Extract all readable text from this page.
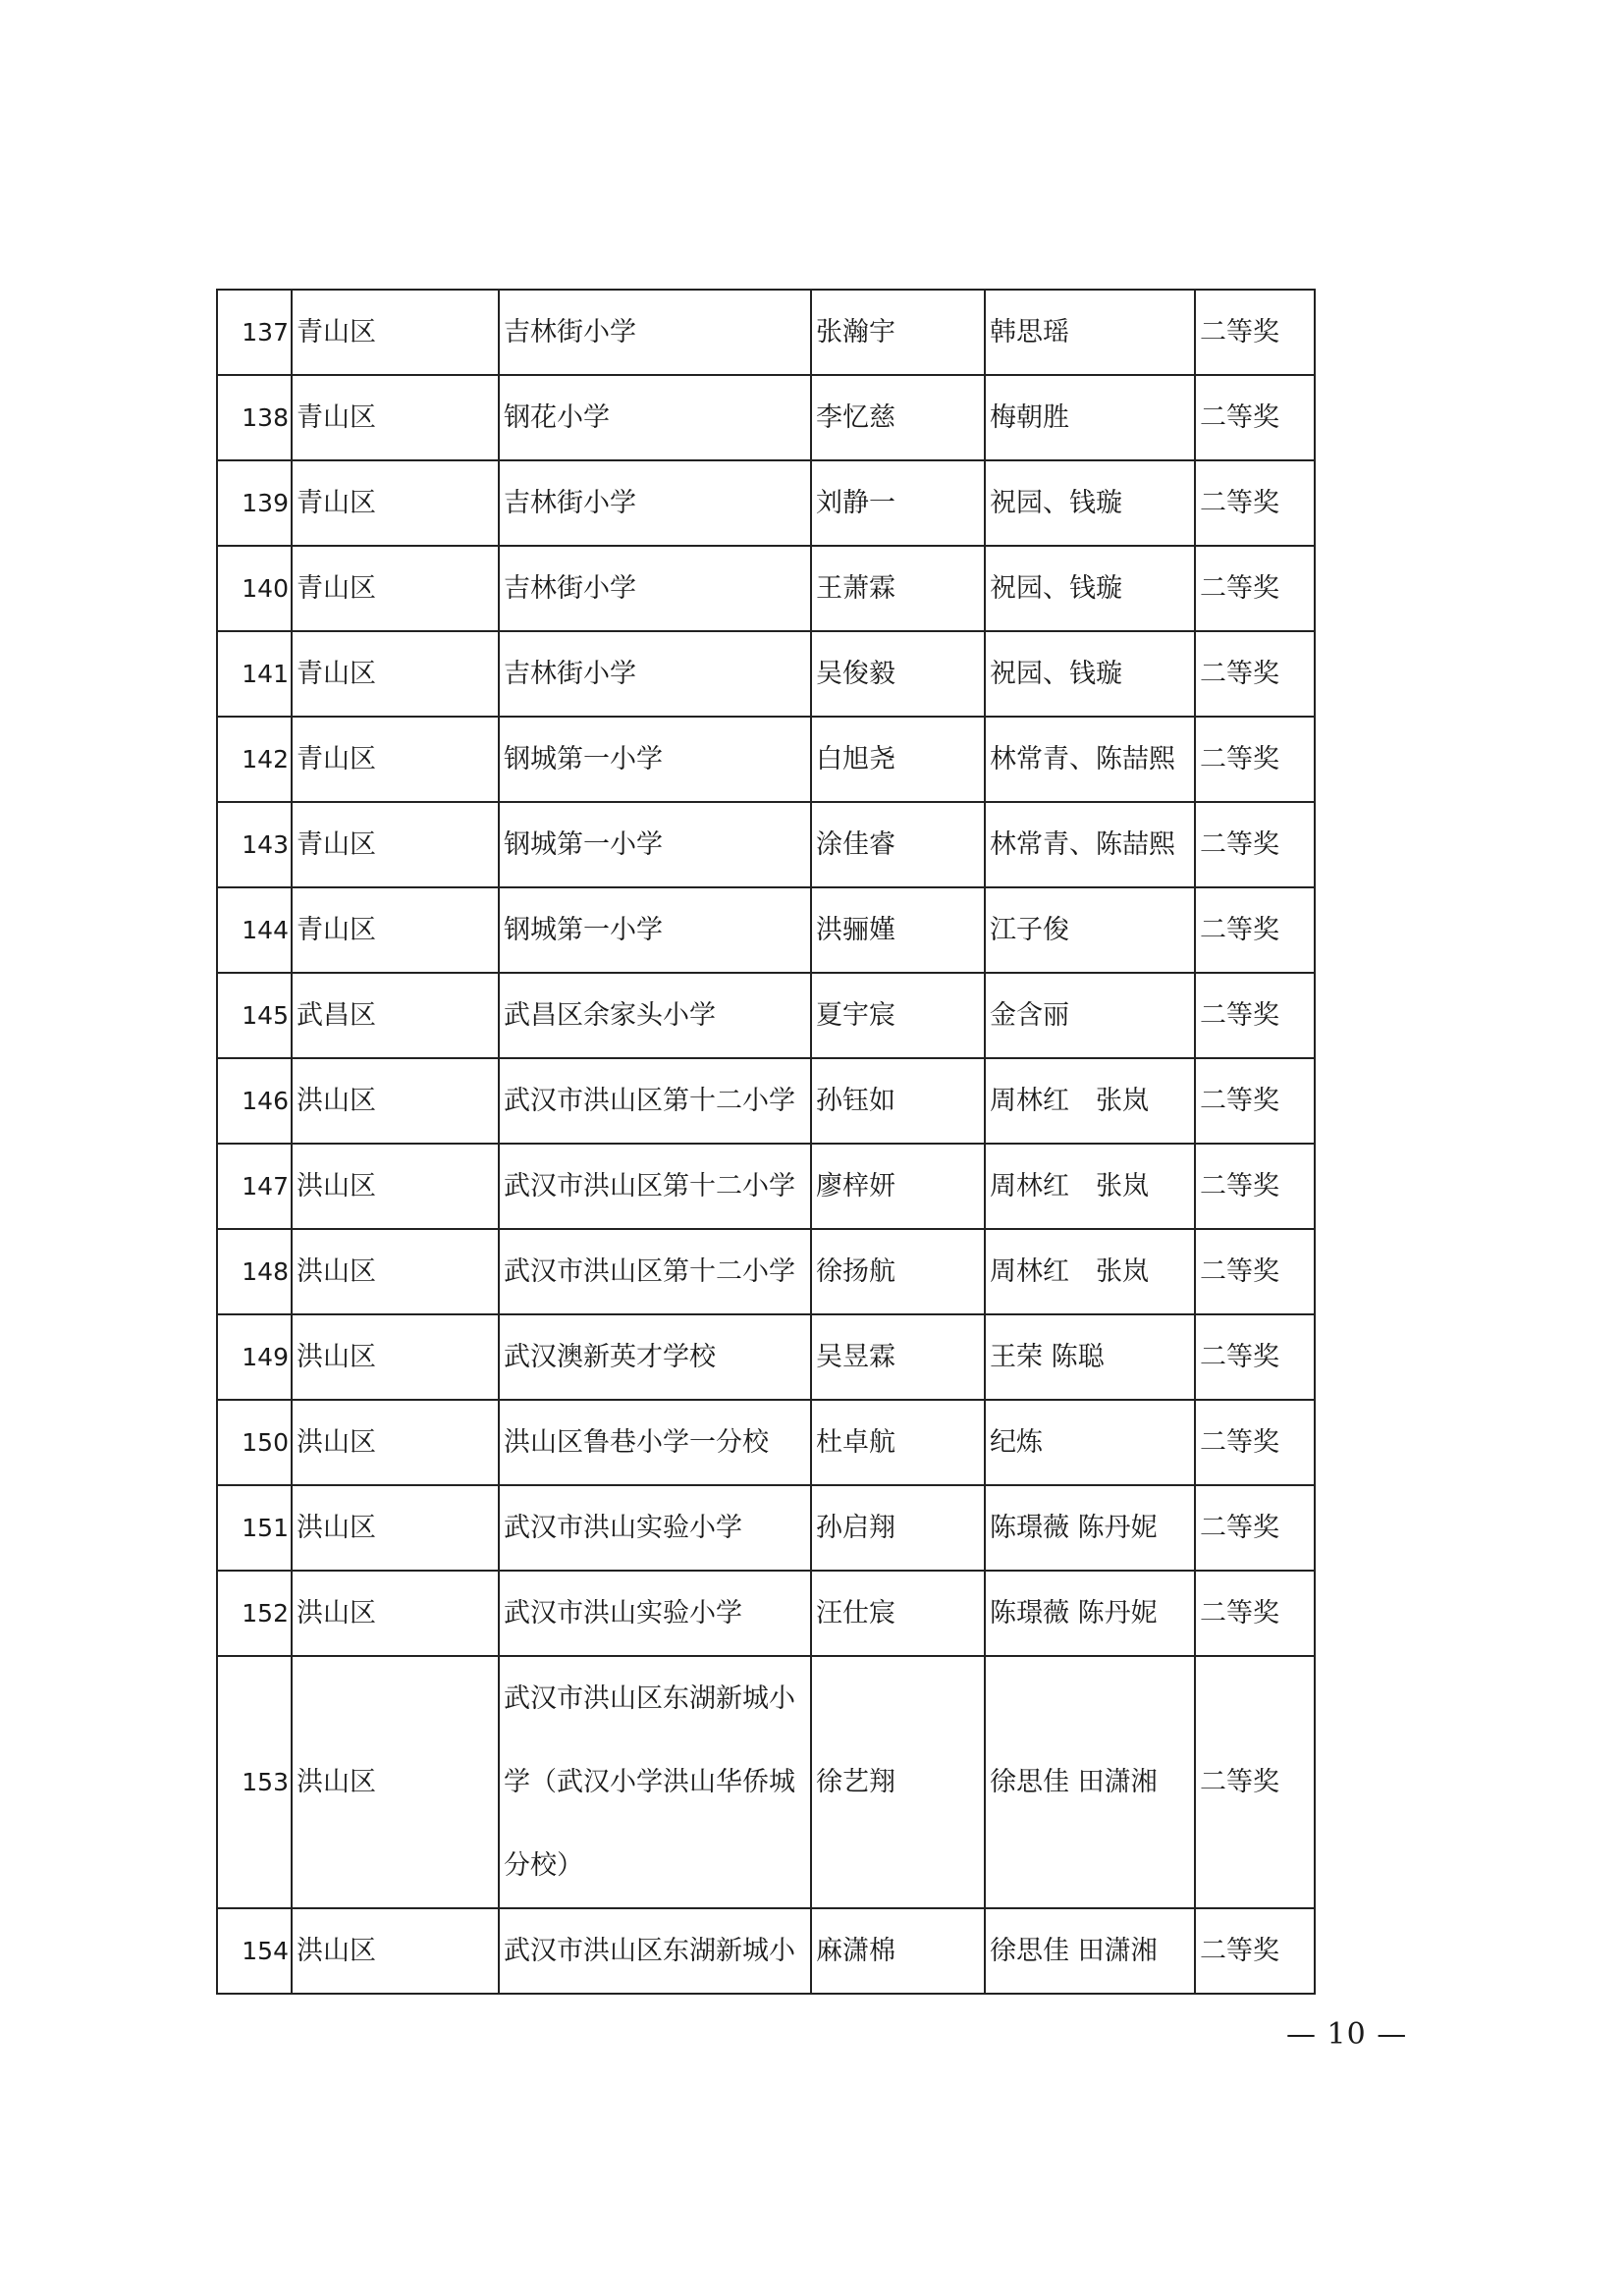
137	青山区	吉林街小学	张瀚宇	韩思瑶	二等奖
138	青山区	钢花小学	李忆慈	梅朝胜	二等奖
139	青山区	吉林街小学	刘静一	祝园、钱璇	二等奖
140	青山区	吉林街小学	王萧霖	祝园、钱璇	二等奖
141	青山区	吉林街小学	吴俊毅	祝园、钱璇	二等奖
142	青山区	钢城第一小学	白旭尧	林常青、陈喆熙	二等奖
143	青山区	钢城第一小学	涂佳睿	林常青、陈喆熙	二等奖
144	青山区	钢城第一小学	洪骊嫤	江子俊	二等奖
145	武昌区	武昌区余家头小学	夏宇宸	金含丽	二等奖
146	洪山区	武汉市洪山区第十二小学	孙钰如	周林红　张岚	二等奖
147	洪山区	武汉市洪山区第十二小学	廖梓妍	周林红　张岚	二等奖
148	洪山区	武汉市洪山区第十二小学	徐扬航	周林红　张岚	二等奖
149	洪山区	武汉澳新英才学校	吴昱霖	王荣 陈聪	二等奖
150	洪山区	洪山区鲁巷小学一分校	杜卓航	纪炼	二等奖
151	洪山区	武汉市洪山实验小学	孙启翔	陈璟薇 陈丹妮	二等奖
152	洪山区	武汉市洪山实验小学	汪仕宸	陈璟薇 陈丹妮	二等奖
153	洪山区	武汉市洪山区东湖新城小学（武汉小学洪山华侨城分校）	徐艺翔	徐思佳 田潇湘	二等奖
154	洪山区	武汉市洪山区东湖新城小	麻潇棉	徐思佳 田潇湘	二等奖
— 10 —
